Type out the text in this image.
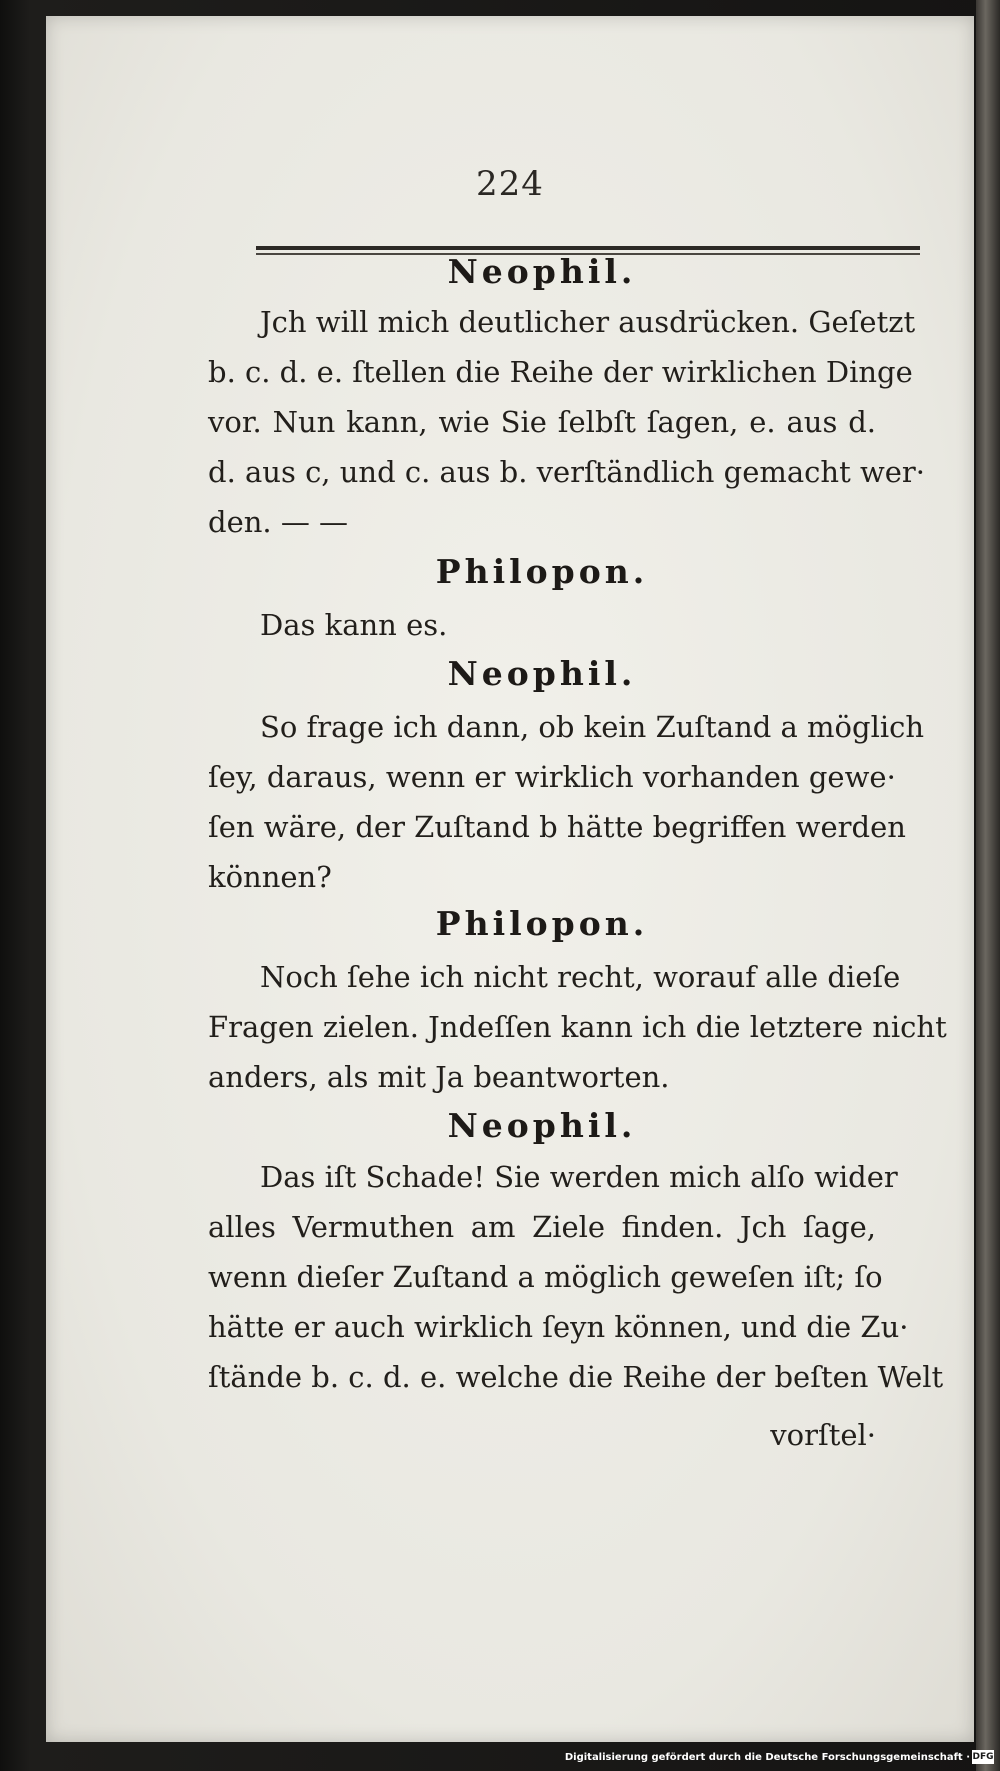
224
Neophil.
Jch will mich deutlicher ausdrücken. Geſetzt
b. c. d. e. ſtellen die Reihe der wirklichen Dinge
vor. Nun kann, wie Sie ſelbſt ſagen, e. aus d.
d. aus c, und c. aus b. verſtändlich gemacht wer·
den. — —
Philopon.
Das kann es.
Neophil.
So frage ich dann, ob kein Zuſtand a möglich
ſey, daraus, wenn er wirklich vorhanden gewe·
ſen wäre, der Zuſtand b hätte begriffen werden
können?
Philopon.
Noch ſehe ich nicht recht, worauf alle dieſe
Fragen zielen. Jndeſſen kann ich die letztere nicht
anders, als mit Ja beantworten.
Neophil.
Das iſt Schade! Sie werden mich alſo wider
alles Vermuthen am Ziele finden. Jch ſage,
wenn dieſer Zuſtand a möglich geweſen iſt; ſo
hätte er auch wirklich ſeyn können, und die Zu·
ſtände b. c. d. e. welche die Reihe der beſten Welt
vorſtel·
Digitalisierung gefördert durch die Deutsche Forschungsgemeinschaft · DFG
